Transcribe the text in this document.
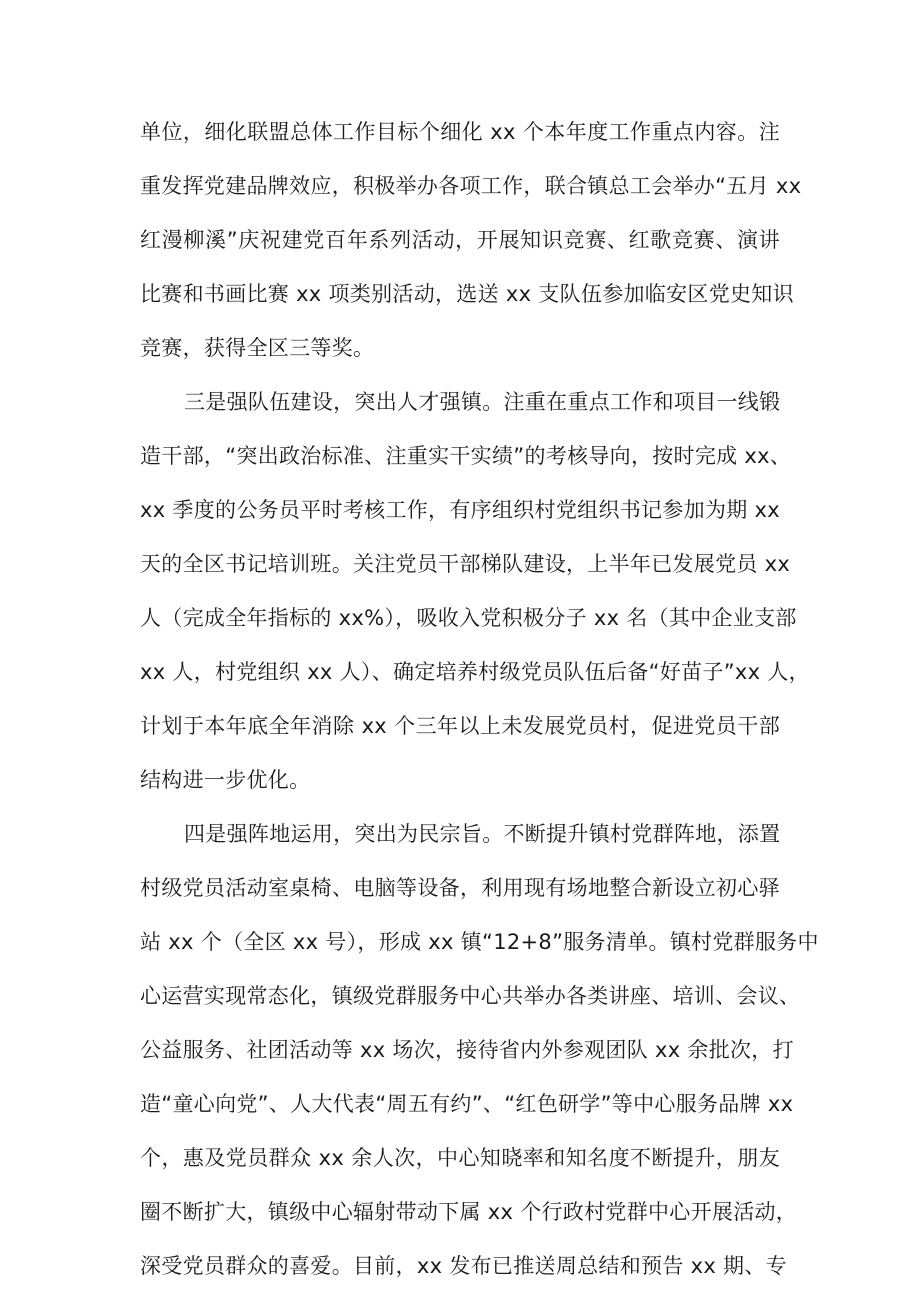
单位，细化联盟总体工作目标个细化 xx 个本年度工作重点内容。注
重发挥党建品牌效应，积极举办各项工作，联合镇总工会举办“五月 xx
红漫柳溪”庆祝建党百年系列活动，开展知识竞赛、红歌竞赛、演讲
比赛和书画比赛 xx 项类别活动，选送 xx 支队伍参加临安区党史知识
竞赛，获得全区三等奖。
三是强队伍建设，突出人才强镇。注重在重点工作和项目一线锻
造干部，“突出政治标准、注重实干实绩”的考核导向，按时完成 xx、
xx 季度的公务员平时考核工作，有序组织村党组织书记参加为期 xx
天的全区书记培训班。关注党员干部梯队建设，上半年已发展党员 xx
人（完成全年指标的 xx%），吸收入党积极分子 xx 名（其中企业支部
xx 人，村党组织 xx 人）、确定培养村级党员队伍后备“好苗子”xx 人，
计划于本年底全年消除 xx 个三年以上未发展党员村，促进党员干部
结构进一步优化。
四是强阵地运用，突出为民宗旨。不断提升镇村党群阵地，添置
村级党员活动室桌椅、电脑等设备，利用现有场地整合新设立初心驿
站 xx 个（全区 xx 号），形成 xx 镇“12+8”服务清单。镇村党群服务中
心运营实现常态化，镇级党群服务中心共举办各类讲座、培训、会议、
公益服务、社团活动等 xx 场次，接待省内外参观团队 xx 余批次，打
造“童心向党”、人大代表“周五有约”、“红色研学”等中心服务品牌 xx
个，惠及党员群众 xx 余人次，中心知晓率和知名度不断提升，朋友
圈不断扩大，镇级中心辐射带动下属 xx 个行政村党群中心开展活动，
深受党员群众的喜爱。目前，xx 发布已推送周总结和预告 xx 期、专
